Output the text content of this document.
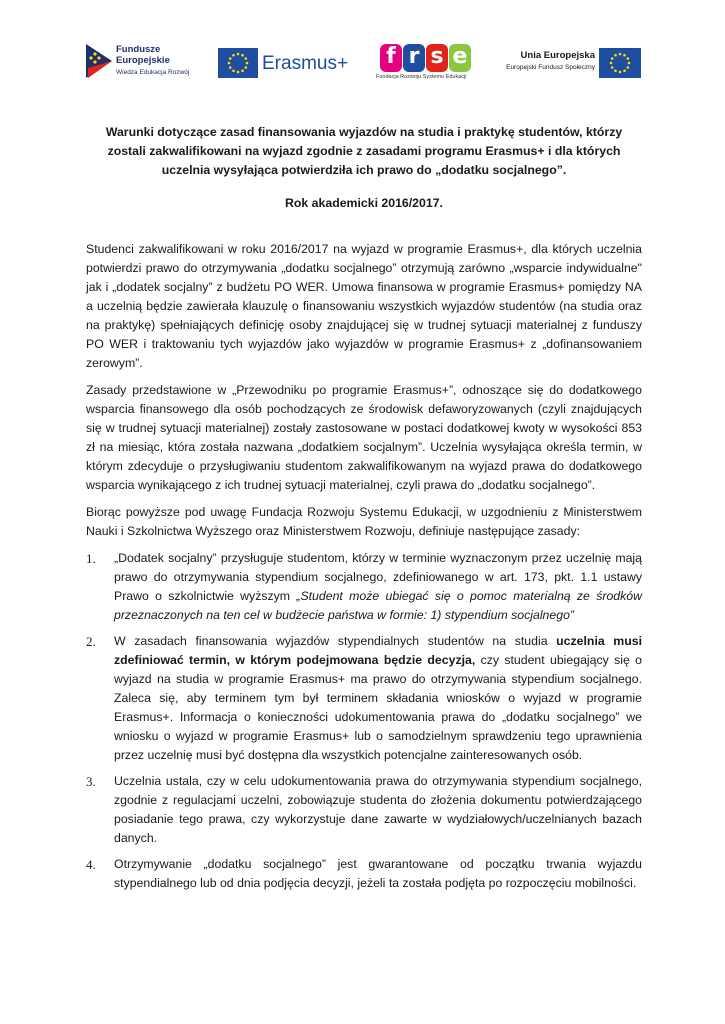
Fundusze
Europejskie
Wiedza Edukacja Rozwój	Erasmus+ f r s e
Fundacja Rozwoju Systemu Edukacji
Unia Europejska
Europejski Fundusz Społeczny

Warunki dotyczące zasad finansowania wyjazdów na studia i praktykę studentów, którzy zostali zakwalifikowani na wyjazd zgodnie z zasadami programu Erasmus+ i dla których uczelnia wysyłająca potwierdziła ich prawo do „dodatku socjalnego”.

Rok akademicki 2016/2017.

Studenci zakwalifikowani w roku 2016/2017 na wyjazd w programie Erasmus+, dla których uczelnia potwierdzi prawo do otrzymywania „dodatku socjalnego” otrzymują zarówno „wsparcie indywidualne" jak i „dodatek socjalny” z budżetu PO WER. Umowa finansowa w programie Erasmus+ pomiędzy NA a uczelnią będzie zawierała klauzulę o finansowaniu wszystkich wyjazdów studentów (na studia oraz na praktykę) spełniających definicję osoby znajdującej się w trudnej sytuacji materialnej z funduszy PO WER i traktowaniu tych wyjazdów jako wyjazdów w programie Erasmus+ z „dofinansowaniem zerowym”.

Zasady przedstawione w „Przewodniku po programie Erasmus+”, odnoszące się do dodatkowego wsparcia finansowego dla osób pochodzących ze środowisk defaworyzowanych (czyli znajdujących się w trudnej sytuacji materialnej) zostały zastosowane w postaci dodatkowej kwoty w wysokości 853 zł na miesiąc, która została nazwana „dodatkiem socjalnym”. Uczelnia wysyłająca określa termin, w którym zdecyduje o przysługiwaniu studentom zakwalifikowanym na wyjazd prawa do dodatkowego wsparcia wynikającego z ich trudnej sytuacji materialnej, czyli prawa do „dodatku socjalnego”.

Biorąc powyższe pod uwagę Fundacja Rozwoju Systemu Edukacji, w uzgodnieniu z Ministerstwem Nauki i Szkolnictwa Wyższego oraz Ministerstwem Rozwoju, definiuje następujące zasady:

1. „Dodatek socjalny” przysługuje studentom, którzy w terminie wyznaczonym przez uczelnię mają prawo do otrzymywania stypendium socjalnego, zdefiniowanego w art. 173, pkt. 1.1 ustawy Prawo o szkolnictwie wyższym „Student może ubiegać się o pomoc materialną ze środków przeznaczonych na ten cel w budżecie państwa w formie: 1) stypendium socjalnego”
2. W zasadach finansowania wyjazdów stypendialnych studentów na studia uczelnia musi zdefiniować termin, w którym podejmowana będzie decyzja, czy student ubiegający się o wyjazd na studia w programie Erasmus+ ma prawo do otrzymywania stypendium socjalnego. Zaleca się, aby terminem tym był terminem składania wniosków o wyjazd w programie Erasmus+. Informacja o konieczności udokumentowania prawa do „dodatku socjalnego” we wniosku o wyjazd w programie Erasmus+ lub o samodzielnym sprawdzeniu tego uprawnienia przez uczelnię musi być dostępna dla wszystkich potencjalne zainteresowanych osób.
3. Uczelnia ustala, czy w celu udokumentowania prawa do otrzymywania stypendium socjalnego, zgodnie z regulacjami uczelni, zobowiązuje studenta do złożenia dokumentu potwierdzającego posiadanie tego prawa, czy wykorzystuje dane zawarte w wydziałowych/uczelnianych bazach danych.
4. Otrzymywanie „dodatku socjalnego” jest gwarantowane od początku trwania wyjazdu stypendialnego lub od dnia podjęcia decyzji, jeżeli ta została podjęta po rozpoczęciu mobilności.
